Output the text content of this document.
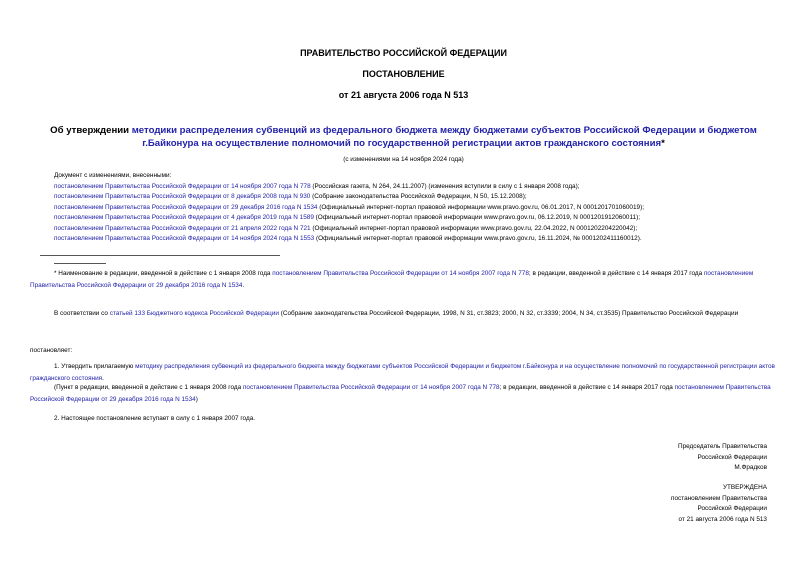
ПРАВИТЕЛЬСТВО РОССИЙСКОЙ ФЕДЕРАЦИИ
ПОСТАНОВЛЕНИЕ
от 21 августа 2006 года N 513
Об утверждении методики распределения субвенций из федерального бюджета между бюджетами субъектов Российской Федерации и бюджетом г.Байконура на осуществление полномочий по государственной регистрации актов гражданского состояния*
(с изменениями на 14 ноября 2024 года)
Документ с изменениями, внесенными:
постановлением Правительства Российской Федерации от 14 ноября 2007 года N 778 (Российская газета, N 264, 24.11.2007) (изменения вступили в силу с 1 января 2008 года);
постановлением Правительства Российской Федерации от 8 декабря 2008 года N 930 (Собрание законодательства Российской Федерации, N 50, 15.12.2008);
постановлением Правительства Российской Федерации от 29 декабря 2016 года N 1534 (Официальный интернет-портал правовой информации www.pravo.gov.ru, 06.01.2017, N 0001201701060019);
постановлением Правительства Российской Федерации от 4 декабря 2019 года N 1589 (Официальный интернет-портал правовой информации www.pravo.gov.ru, 06.12.2019, N 0001201912060011);
постановлением Правительства Российской Федерации от 21 апреля 2022 года N 721 (Официальный интернет-портал правовой информации www.pravo.gov.ru, 22.04.2022, N 0001202204220042);
постановлением Правительства Российской Федерации от 14 ноября 2024 года N 1553 (Официальный интернет-портал правовой информации www.pravo.gov.ru, 16.11.2024, № 0001202411160012).
* Наименование в редакции, введенной в действие с 1 января 2008 года постановлением Правительства Российской Федерации от 14 ноября 2007 года N 778; в редакции, введенной в действие с 14 января 2017 года постановлением Правительства Российской Федерации от 29 декабря 2016 года N 1534.
В соответствии со статьей 133 Бюджетного кодекса Российской Федерации (Собрание законодательства Российской Федерации, 1998, N 31, ст.3823; 2000, N 32, ст.3339; 2004, N 34, ст.3535) Правительство Российской Федерации
постановляет:
1. Утвердить прилагаемую методику распределения субвенций из федерального бюджета между бюджетами субъектов Российской Федерации и бюджетом г.Байконура и на осуществление полномочий по государственной регистрации актов гражданского состояния.
(Пункт в редакции, введенной в действие с 1 января 2008 года постановлением Правительства Российской Федерации от 14 ноября 2007 года N 778; в редакции, введенной в действие с 14 января 2017 года постановлением Правительства Российской Федерации от 29 декабря 2016 года N 1534)
2. Настоящее постановление вступает в силу с 1 января 2007 года.
Председатель Правительства
Российской Федерации
М.Фрадков
УТВЕРЖДЕНА
постановлением Правительства
Российской Федерации
от 21 августа 2006 года N 513
